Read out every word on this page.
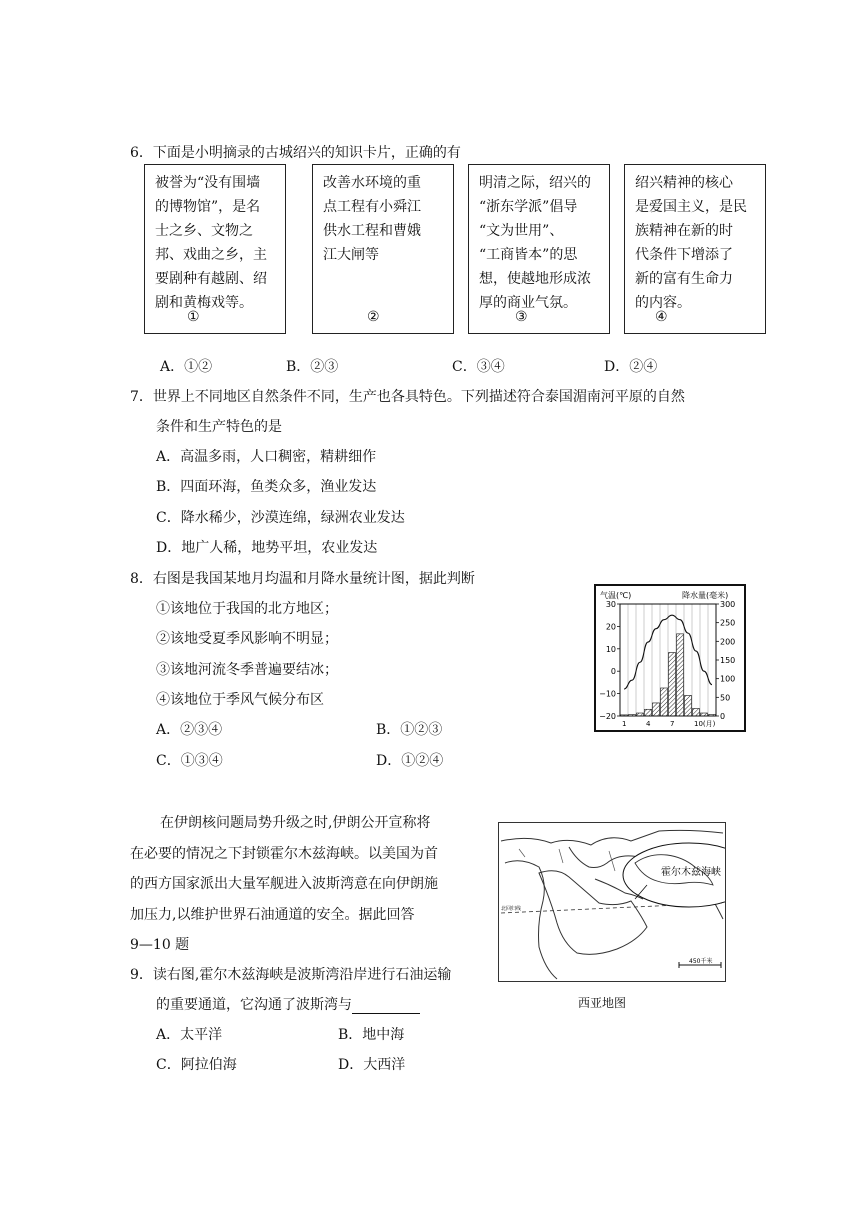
6．下面是小明摘录的古城绍兴的知识卡片，正确的有
被誉为“没有围墙
的博物馆”，是名
士之乡、文物之
邦、戏曲之乡，主
要剧种有越剧、绍
剧和黄梅戏等。
①
改善水环境的重
点工程有小舜江
供水工程和曹娥
江大闸等
②
明清之际，绍兴的
“浙东学派”倡导
“文为世用”、
“工商皆本”的思
想，使越地形成浓
厚的商业气氛。
③
绍兴精神的核心
是爱国主义，是民
族精神在新的时
代条件下增添了
新的富有生命力
的内容。
④
A．①②	B．②③	C．③④	D．②④
7．世界上不同地区自然条件不同，生产也各具特色。下列描述符合泰国湄南河平原的自然
条件和生产特色的是
A．高温多雨，人口稠密，精耕细作
B．四面环海，鱼类众多，渔业发达
C．降水稀少，沙漠连绵，绿洲农业发达
D．地广人稀，地势平坦，农业发达
8．右图是我国某地月均温和月降水量统计图，据此判断
①该地位于我国的北方地区；
②该地受夏季风影响不明显；
③该地河流冬季普遍要结冰；
④该地位于季风气候分布区
A．②③④	B．①②③
C．①③④	D．①②④
气温(℃)	降水量(毫米)
30
20
10
0
−10
−20
300
250
200
150
100
50
0
1	4	7	10(月)
在伊朗核问题局势升级之时,伊朗公开宣称将
在必要的情况之下封锁霍尔木兹海峡。以美国为首
的西方国家派出大量军舰进入波斯湾意在向伊朗施
加压力,以维护世界石油通道的安全。据此回答
9—10 题
北回归线
霍尔木兹海峡
450千米
西亚地图
9．读右图,霍尔木兹海峡是波斯湾沿岸进行石油运输
的重要通道，它沟通了波斯湾与
A．太平洋	B．地中海
C．阿拉伯海	D．大西洋
